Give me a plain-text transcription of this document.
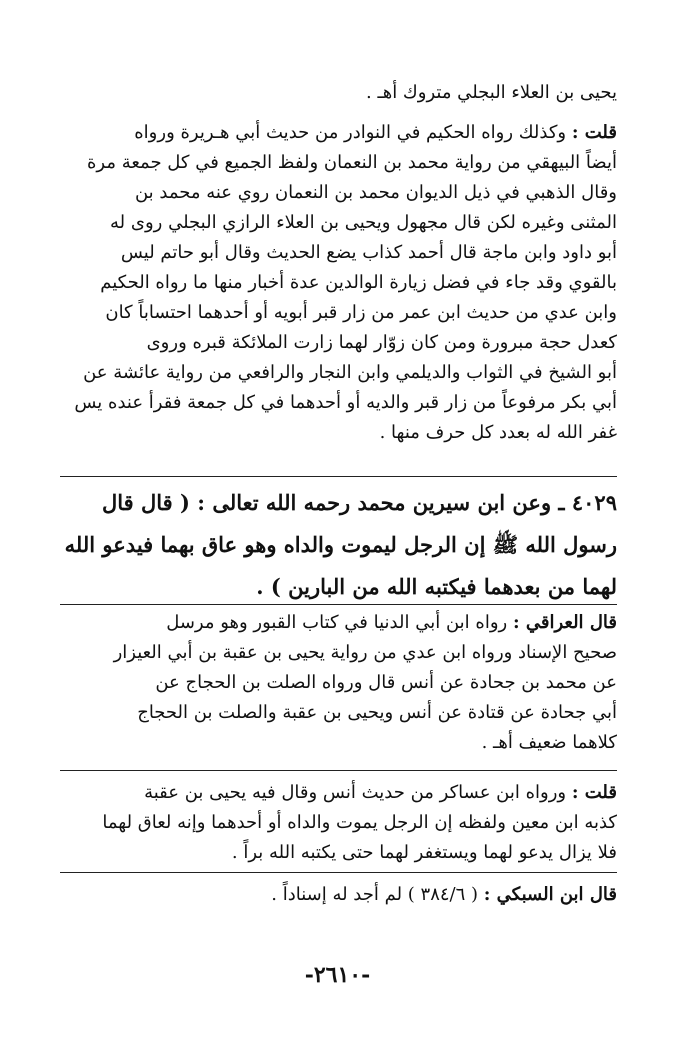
يحيى بن العلاء البجلي متروك أهـ .
قلت : وكذلك رواه الحكيم في النوادر من حديث أبي هـريرة ورواه
أيضاً البيهقي من رواية محمد بن النعمان ولفظ الجميع في كل جمعة مرة
وقال الذهبي في ذيل الديوان محمد بن النعمان روي عنه محمد بن
المثنى وغيره لكن قال مجهول ويحيى بن العلاء الرازي البجلي روى له
أبو داود وابن ماجة قال أحمد كذاب يضع الحديث وقال أبو حاتم ليس
بالقوي وقد جاء في فضل زيارة الوالدين عدة أخبار منها ما رواه الحكيم
وابن عدي من حديث ابن عمر من زار قبر أبويه أو أحدهما احتساباً كان
كعدل حجة مبرورة ومن كان زوّار لهما زارت الملائكة قبره وروى
أبو الشيخ في الثواب والديلمي وابن النجار والرافعي من رواية عائشة عن
أبي بكر مرفوعاً من زار قبر والديه أو أحدهما في كل جمعة فقرأ عنده يس
غفر الله له بعدد كل حرف منها .
٤٠٢٩ ـ وعن ابن سيرين محمد رحمه الله تعالى : ( قال قال
رسول الله ﷺ إن الرجل ليموت والداه وهو عاق بهما فيدعو الله
لهما من بعدهما فيكتبه الله من البارين ) .
قال العراقي : رواه ابن أبي الدنيا في كتاب القبور وهو مرسل
صحيح الإسناد ورواه ابن عدي من رواية يحيى بن عقبة بن أبي العيزار
عن محمد بن جحادة عن أنس قال ورواه الصلت بن الحجاج عن
أبي جحادة عن قتادة عن أنس ويحيى بن عقبة والصلت بن الحجاج
كلاهما ضعيف أهـ .
قلت : ورواه ابن عساكر من حديث أنس وقال فيه يحيى بن عقبة
كذبه ابن معين ولفظه إن الرجل يموت والداه أو أحدهما وإنه لعاق لهما
فلا يزال يدعو لهما ويستغفر لهما حتى يكتبه الله براً .
قال ابن السبكي : ( ٣٨٤/٦ ) لم أجد له إسناداً .
-٢٦١٠-
